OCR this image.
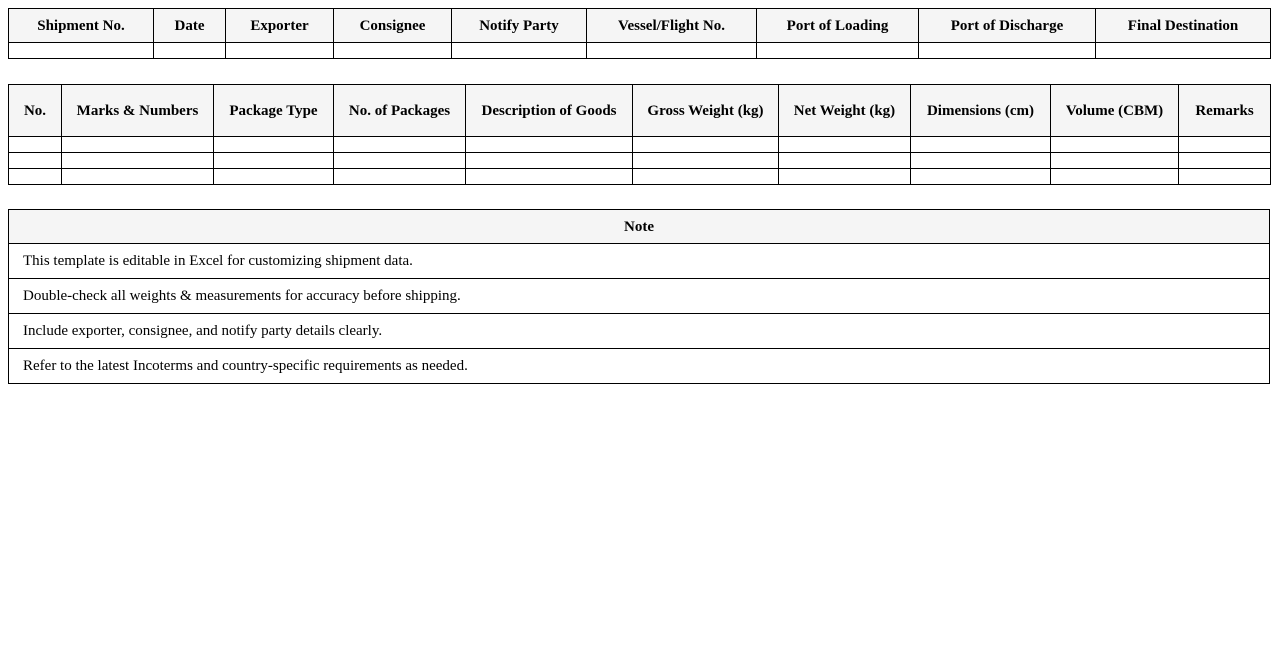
Shipment No.	Date	Exporter	Consignee	Notify Party	Vessel/Flight No.	Port of Loading	Port of Discharge	Final Destination

No.	Marks & Numbers	Package Type	No. of Packages	Description of Goods	Gross Weight (kg)	Net Weight (kg)	Dimensions (cm)	Volume (CBM)	Remarks

Note
This template is editable in Excel for customizing shipment data.
Double-check all weights & measurements for accuracy before shipping.
Include exporter, consignee, and notify party details clearly.
Refer to the latest Incoterms and country-specific requirements as needed.
